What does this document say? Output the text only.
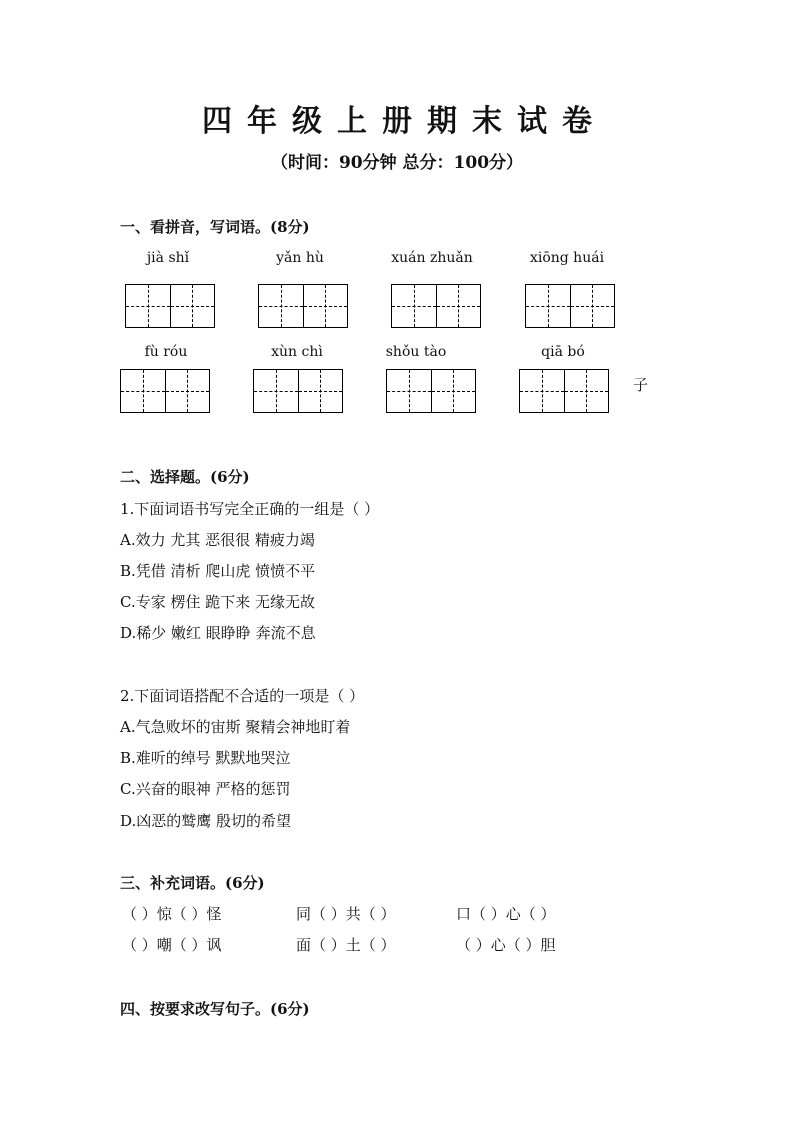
四年级上册期末试卷
（时间：90分钟 总分：100分）
一、看拼音，写词语。(8分)
jià shǐ	yǎn hù	xuán zhuǎn	xiōng huái
fù róu	xùn chì	shǒu tào	qiā bó
子
二、选择题。(6分)
1.下面词语书写完全正确的一组是（ ）
A.效力 尤其 恶很很 精疲力竭
B.凭借 清析 爬山虎 愤愤不平
C.专家 楞住 跪下来 无缘无故
D.稀少 嫩红 眼睁睁 奔流不息
2.下面词语搭配不合适的一项是（ ）
A.气急败坏的宙斯 聚精会神地盯着
B.难听的绰号 默默地哭泣
C.兴奋的眼神 严格的惩罚
D.凶恶的鹫鹰 殷切的希望
三、补充词语。(6分)
（ ）惊（ ）怪	同（ ）共（ ）	口（ ）心（ ）
（ ）嘲（ ）讽	面（ ）土（ ）	（ ）心（ ）胆
四、按要求改写句子。(6分)
